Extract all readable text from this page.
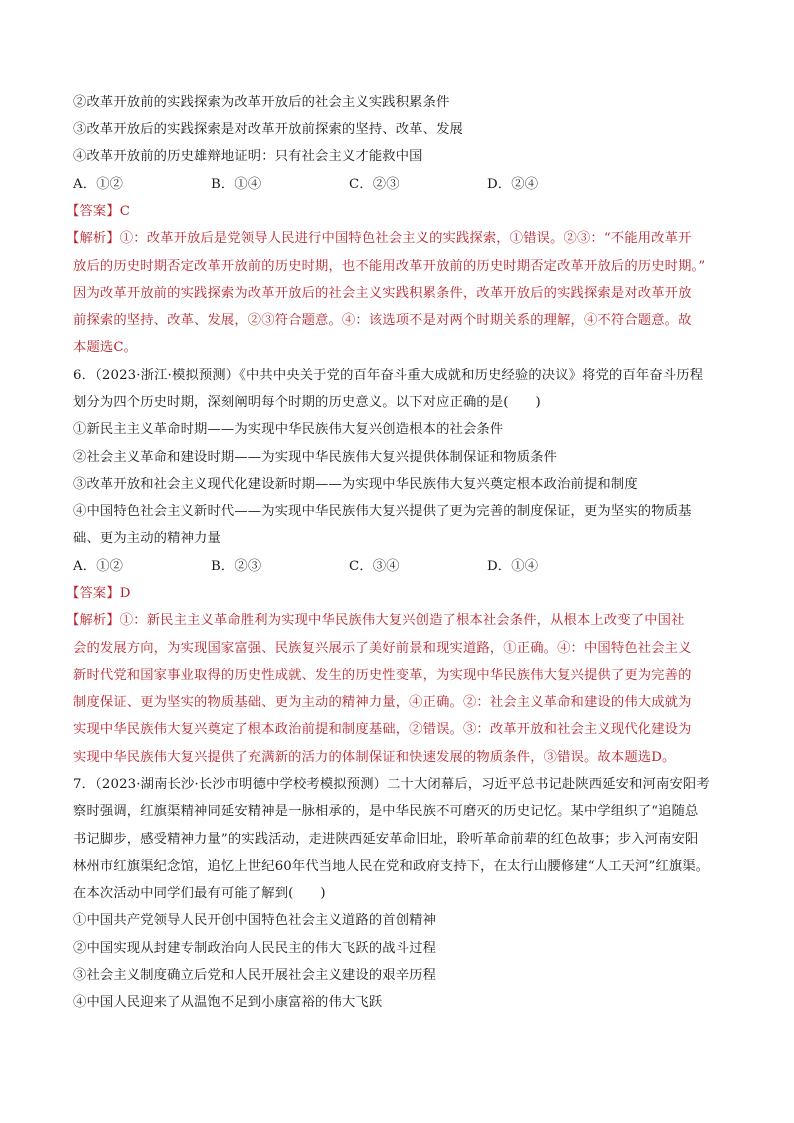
②改革开放前的实践探索为改革开放后的社会主义实践积累条件
③改革开放后的实践探索是对改革开放前探索的坚持、改革、发展
④改革开放前的历史雄辩地证明：只有社会主义才能救中国
A．①②	B．①④	C．②③	D．②④
【答案】C
【解析】①：改革开放后是党领导人民进行中国特色社会主义的实践探索，①错误。②③：“不能用改革开
放后的历史时期否定改革开放前的历史时期，也不能用改革开放前的历史时期否定改革开放后的历史时期。”
因为改革开放前的实践探索为改革开放后的社会主义实践积累条件，改革开放后的实践探索是对改革开放
前探索的坚持、改革、发展，②③符合题意。④：该选项不是对两个时期关系的理解，④不符合题意。故
本题选C。
6．（2023·浙江·模拟预测）《中共中央关于党的百年奋斗重大成就和历史经验的决议》将党的百年奋斗历程
划分为四个历史时期，深刻阐明每个时期的历史意义。以下对应正确的是(　　)
①新民主主义革命时期——为实现中华民族伟大复兴创造根本的社会条件
②社会主义革命和建设时期——为实现中华民族伟大复兴提供体制保证和物质条件
③改革开放和社会主义现代化建设新时期——为实现中华民族伟大复兴奠定根本政治前提和制度
④中国特色社会主义新时代——为实现中华民族伟大复兴提供了更为完善的制度保证，更为坚实的物质基
础、更为主动的精神力量
A．①②	B．②③	C．③④	D．①④
【答案】D
【解析】①：新民主主义革命胜利为实现中华民族伟大复兴创造了根本社会条件，从根本上改变了中国社
会的发展方向，为实现国家富强、民族复兴展示了美好前景和现实道路，①正确。④：中国特色社会主义
新时代党和国家事业取得的历史性成就、发生的历史性变革，为实现中华民族伟大复兴提供了更为完善的
制度保证、更为坚实的物质基础、更为主动的精神力量，④正确。②：社会主义革命和建设的伟大成就为
实现中华民族伟大复兴奠定了根本政治前提和制度基础，②错误。③：改革开放和社会主义现代化建设为
实现中华民族伟大复兴提供了充满新的活力的体制保证和快速发展的物质条件，③错误。故本题选D。
7．（2023·湖南长沙·长沙市明德中学校考模拟预测）二十大闭幕后，习近平总书记赴陕西延安和河南安阳考
察时强调，红旗渠精神同延安精神是一脉相承的，是中华民族不可磨灭的历史记忆。某中学组织了“追随总
书记脚步，感受精神力量”的实践活动，走进陕西延安革命旧址，聆听革命前辈的红色故事；步入河南安阳
林州市红旗渠纪念馆，追忆上世纪60年代当地人民在党和政府支持下，在太行山腰修建“人工天河”红旗渠。
在本次活动中同学们最有可能了解到(　　)
①中国共产党领导人民开创中国特色社会主义道路的首创精神
②中国实现从封建专制政治向人民民主的伟大飞跃的战斗过程
③社会主义制度确立后党和人民开展社会主义建设的艰辛历程
④中国人民迎来了从温饱不足到小康富裕的伟大飞跃
